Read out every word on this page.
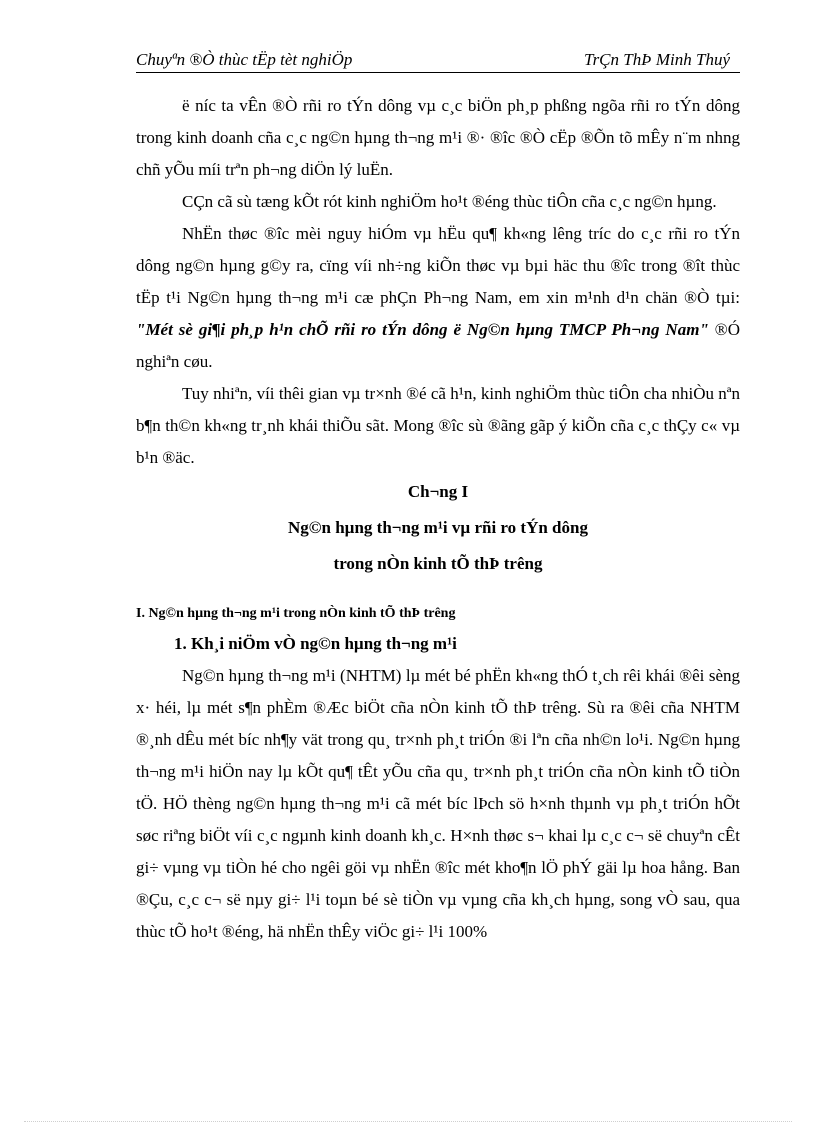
Chuyªn ®Ò thùc tËp tèt nghiÖp	TrÇn ThÞ Minh Thuý

ë níc ta vÊn ®Ò rñi ro tÝn dông vµ c¸c biÖn ph¸p phßng ngõa rñi ro tÝn dông trong kinh doanh cña c¸c ng©n hµng th¬ng m¹i ®· ®îc ®Ò cËp ®Õn tõ mÊy n¨m nhng chñ yÕu míi trªn ph¬ng diÖn lý luËn.

CÇn cã sù tæng kÕt rót kinh nghiÖm ho¹t ®éng thùc tiÔn cña c¸c ng©n hµng.

NhËn thøc ®îc mèi nguy hiÓm vµ hËu qu¶ kh«ng lêng tríc do c¸c rñi ro tÝn dông ng©n hµng g©y ra, cïng víi nh÷ng kiÕn thøc vµ bµi häc thu ®îc trong ®ît thùc tËp t¹i Ng©n hµng th¬ng m¹i cæ phÇn Ph¬ng Nam, em xin m¹nh d¹n chän ®Ò tµi: "Mét sè gi¶i ph¸p h¹n chÕ rñi ro tÝn dông ë Ng©n hµng TMCP Ph¬ng Nam" ®Ó nghiªn cøu.

Tuy nhiªn, víi thêi gian vµ tr×nh ®é cã h¹n, kinh nghiÖm thùc tiÔn cha nhiÒu nªn b¶n th©n kh«ng tr¸nh khái thiÕu sãt. Mong ®îc sù ®ãng gãp ý kiÕn cña c¸c thÇy c« vµ b¹n ®äc.

Ch¬ng I
Ng©n hµng th¬ng m¹i vµ rñi ro tÝn dông
trong nÒn kinh tÕ thÞ trêng
I. Ng©n hµng th¬ng m¹i trong nÒn kinh tÕ thÞ trêng
1. Kh¸i niÖm vÒ ng©n hµng th¬ng m¹i

Ng©n hµng th¬ng m¹i (NHTM) lµ mét bé phËn kh«ng thÓ t¸ch rêi khái ®êi sèng x· héi, lµ mét s¶n phÈm ®Æc biÖt cña nÒn kinh tÕ thÞ trêng. Sù ra ®êi cña NHTM ®¸nh dÊu mét bíc nh¶y vät trong qu¸ tr×nh ph¸t triÓn ®i lªn cña nh©n lo¹i. Ng©n hµng th¬ng m¹i hiÖn nay lµ kÕt qu¶ tÊt yÕu cña qu¸ tr×nh ph¸t triÓn cña nÒn kinh tÕ tiÒn tÖ. HÖ thèng ng©n hµng th¬ng m¹i cã mét bíc lÞch sö h×nh thµnh vµ ph¸t triÓn hÕt søc riªng biÖt víi c¸c ngµnh kinh doanh kh¸c. H×nh thøc s¬ khai lµ c¸c c¬ së chuyªn cÊt gi÷ vµng vµ tiÒn hé cho ngêi göi vµ nhËn ®îc mét kho¶n lÖ phÝ gäi lµ hoa hång. Ban ®Çu, c¸c c¬ së nµy gi÷ l¹i toµn bé sè tiÒn vµ vµng cña kh¸ch hµng, song vÒ sau, qua thùc tÕ ho¹t ®éng, hä nhËn thÊy viÖc gi÷ l¹i 100%
